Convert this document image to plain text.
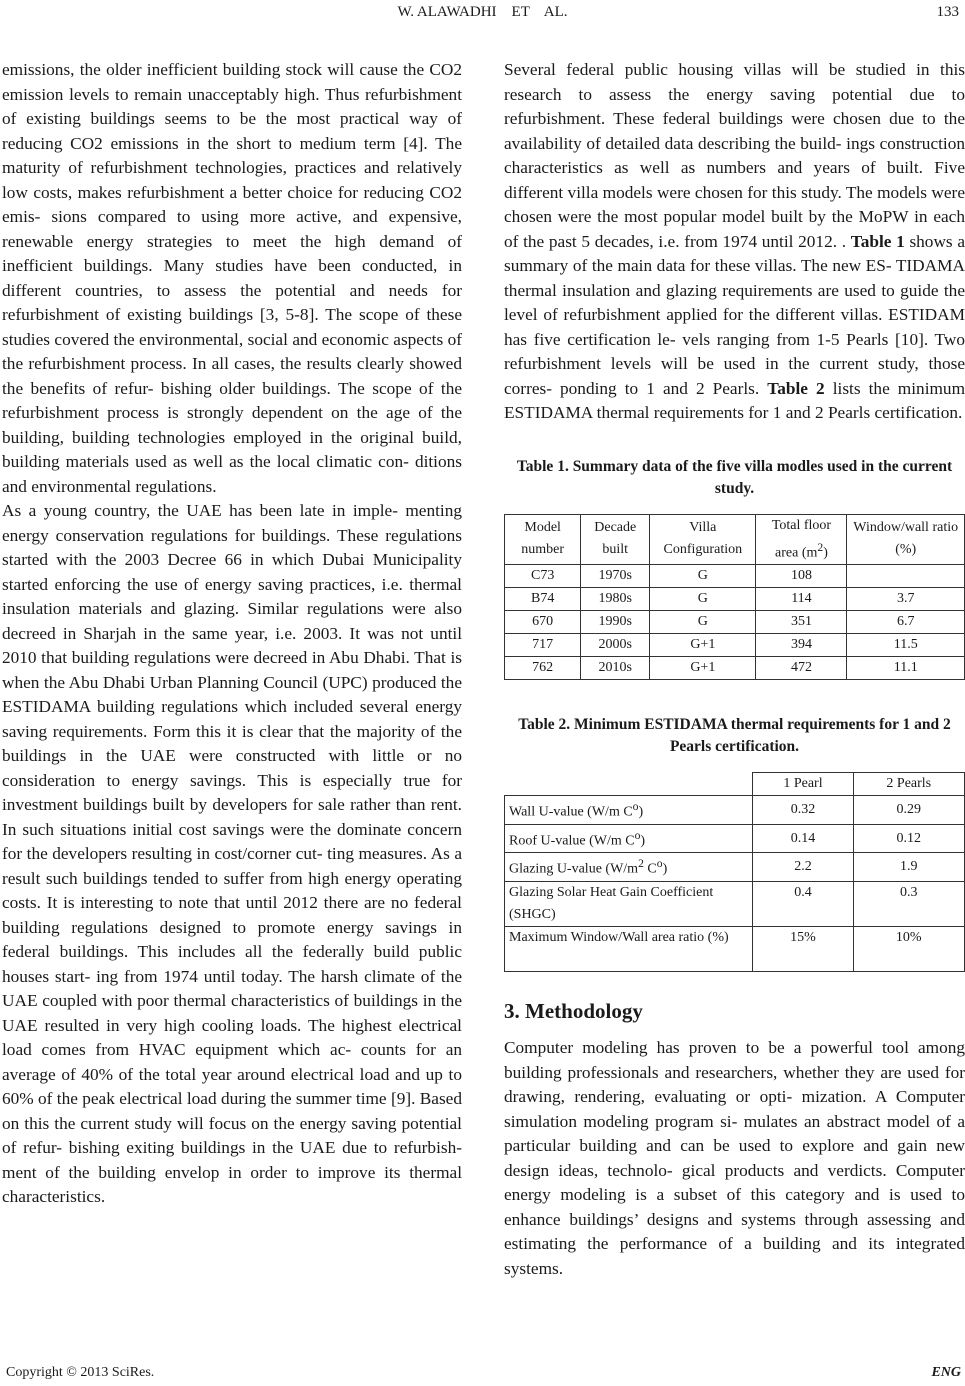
W. ALAWADHI    ET    AL.	133

emissions, the older inefficient building stock will cause the CO2 emission levels to remain unacceptably high. Thus refurbishment of existing buildings seems to be the most practical way of reducing CO2 emissions in the short to medium term [4]. The maturity of refurbishment technologies, practices and relatively low costs, makes refurbishment a better choice for reducing CO2 emis- sions compared to using more active, and expensive, renewable energy strategies to meet the high demand of inefficient buildings. Many studies have been conducted, in different countries, to assess the potential and needs for refurbishment of existing buildings [3, 5-8]. The scope of these studies covered the environmental, social and economic aspects of the refurbishment process. In all cases, the results clearly showed the benefits of refur- bishing older buildings. The scope of the refurbishment process is strongly dependent on the age of the building, building technologies employed in the original build, building materials used as well as the local climatic con- ditions and environmental regulations.

As a young country, the UAE has been late in imple- menting energy conservation regulations for buildings. These regulations started with the 2003 Decree 66 in which Dubai Municipality started enforcing the use of energy saving practices, i.e. thermal insulation materials and glazing. Similar regulations were also decreed in Sharjah in the same year, i.e. 2003. It was not until 2010 that building regulations were decreed in Abu Dhabi. That is when the Abu Dhabi Urban Planning Council (UPC) produced the ESTIDAMA building regulations which included several energy saving requirements. Form this it is clear that the majority of the buildings in the UAE were constructed with little or no consideration to energy savings. This is especially true for investment buildings built by developers for sale rather than rent. In such situations initial cost savings were the dominate concern for the developers resulting in cost/corner cut- ting measures. As a result such buildings tended to suffer from high energy operating costs. It is interesting to note that until 2012 there are no federal building regulations designed to promote energy savings in federal buildings. This includes all the federally build public houses start- ing from 1974 until today. The harsh climate of the UAE coupled with poor thermal characteristics of buildings in the UAE resulted in very high cooling loads. The highest electrical load comes from HVAC equipment which ac- counts for an average of 40% of the total year around electrical load and up to 60% of the peak electrical load during the summer time [9]. Based on this the current study will focus on the energy saving potential of refur- bishing exiting buildings in the UAE due to refurbish- ment of the building envelop in order to improve its thermal characteristics.

Several federal public housing villas will be studied in this research to assess the energy saving potential due to refurbishment. These federal buildings were chosen due to the availability of detailed data describing the build- ings construction characteristics as well as numbers and years of built. Five different villa models were chosen for this study. The models were chosen were the most popular model built by the MoPW in each of the past 5 decades, i.e. from 1974 until 2012. . Table 1 shows a summary of the main data for these villas. The new ES- TIDAMA thermal insulation and glazing requirements are used to guide the level of refurbishment applied for the different villas. ESTIDAM has five certification le- vels ranging from 1-5 Pearls [10]. Two refurbishment levels will be used in the current study, those corres- ponding to 1 and 2 Pearls. Table 2 lists the minimum ESTIDAMA thermal requirements for 1 and 2 Pearls certification.

Table 1. Summary data of the five villa modles used in the current study.
Model number	Decade built	Villa Configuration	Total floor area $(m^2)$	Window/wall ratio (%)
C73	1970s	G	108	
B74	1980s	G	114	3.7
670	1990s	G	351	6.7
717	2000s	G+1	394	11.5
762	2010s	G+1	472	11.1
Table 2. Minimum ESTIDAMA thermal requirements for 1 and 2 Pearls certification.
	1 Pearl	2 Pearls
Wall U-value (W/m $C^o$)	0.32	0.29
Roof U-value (W/m $C^o$)	0.14	0.12
Glazing U-value ($W/m^2$ $C^o$)	2.2	1.9
Glazing Solar Heat Gain Coefficient (SHGC)	0.4	0.3
Maximum Window/Wall area ratio (%)	15%	10%
3. Methodology

Computer modeling has proven to be a powerful tool among building professionals and researchers, whether they are used for drawing, rendering, evaluating or opti- mization. A Computer simulation modeling program si- mulates an abstract model of a particular building and can be used to explore and gain new design ideas, technolo- gical products and verdicts. Computer energy modeling is a subset of this category and is used to enhance buildings’ designs and systems through assessing and estimating the performance of a building and its integrated systems.

Copyright © 2013 SciRes.	ENG
